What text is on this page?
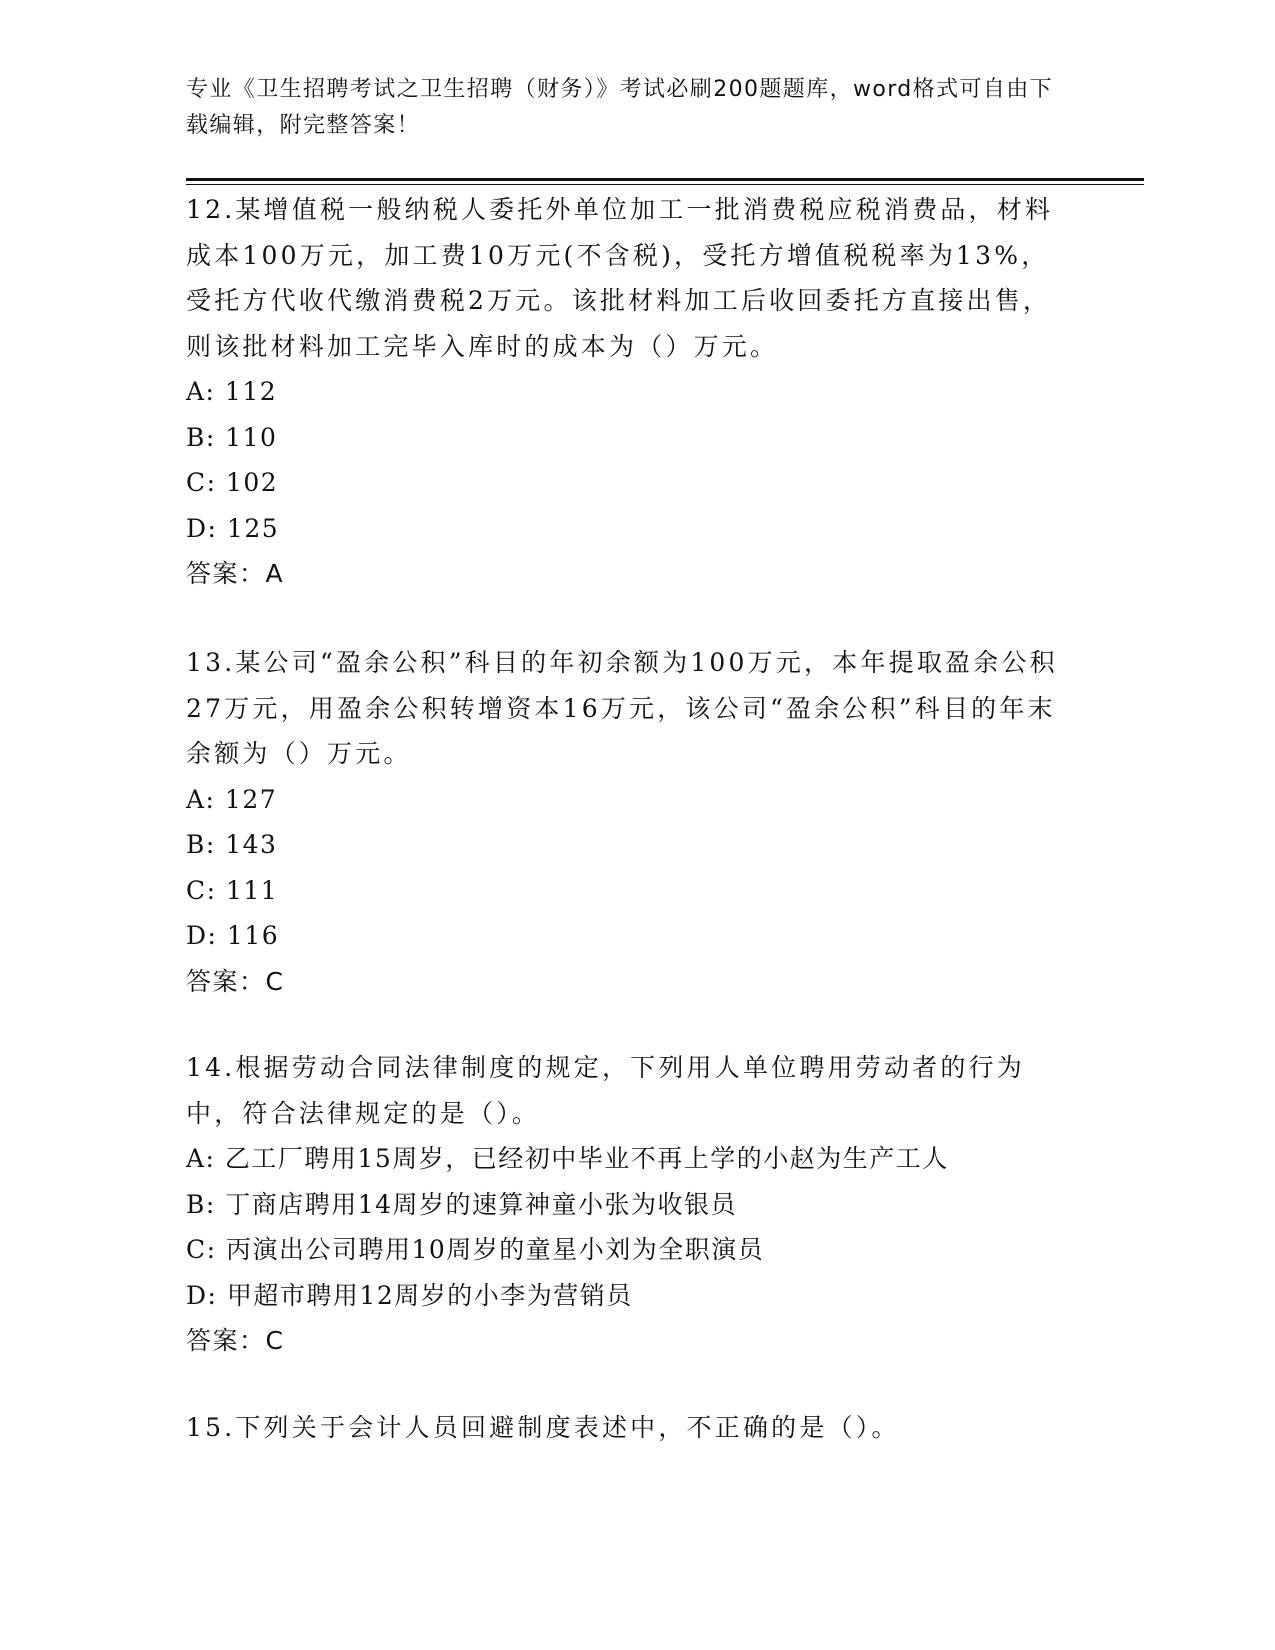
专业《卫生招聘考试之卫生招聘（财务）》考试必刷200题题库，word格式可自由下载编辑，附完整答案！

12.某增值税一般纳税人委托外单位加工一批消费税应税消费品，材料成本100万元，加工费10万元(不含税)，受托方增值税税率为13%，受托方代收代缴消费税2万元。该批材料加工后收回委托方直接出售，则该批材料加工完毕入库时的成本为（）万元。

A: 112

B: 110

C: 102

D: 125

答案：A

13.某公司“盈余公积”科目的年初余额为100万元，本年提取盈余公积27万元，用盈余公积转增资本16万元，该公司“盈余公积”科目的年末余额为（）万元。

A: 127

B: 143

C: 111

D: 116

答案：C

14.根据劳动合同法律制度的规定，下列用人单位聘用劳动者的行为中，符合法律规定的是（）。

A: 乙工厂聘用15周岁，已经初中毕业不再上学的小赵为生产工人

B: 丁商店聘用14周岁的速算神童小张为收银员

C: 丙演出公司聘用10周岁的童星小刘为全职演员

D: 甲超市聘用12周岁的小李为营销员

答案：C

15.下列关于会计人员回避制度表述中，不正确的是（）。
